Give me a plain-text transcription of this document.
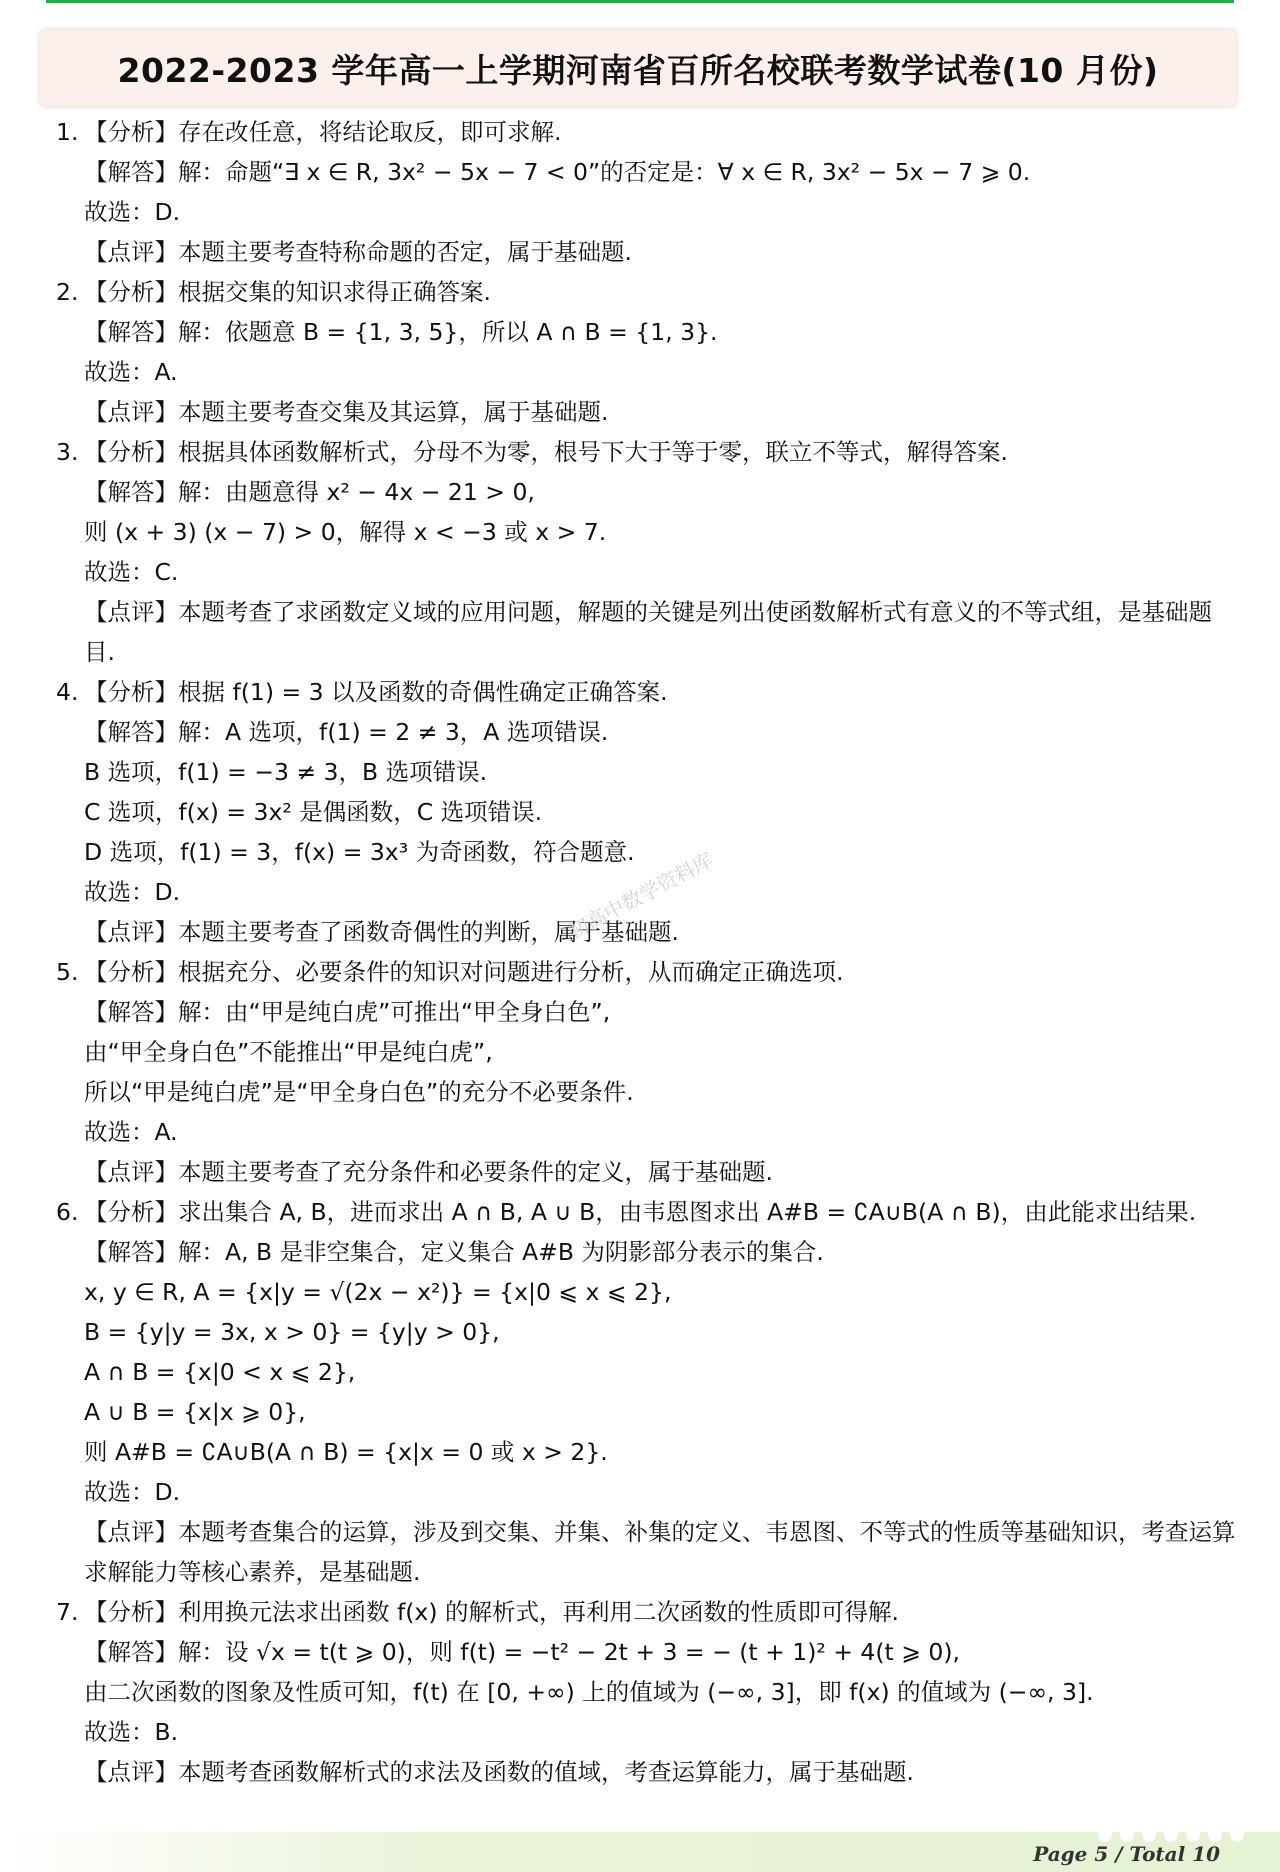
2022-2023 学年高一上学期河南省百所名校联考数学试卷(10 月份)
1. 【分析】存在改任意，将结论取反，即可求解.
【解答】解：命题“∃ x ∈ R, 3x² − 5x − 7 < 0”的否定是：∀ x ∈ R, 3x² − 5x − 7 ⩾ 0.
故选：D.
【点评】本题主要考查特称命题的否定，属于基础题.
2. 【分析】根据交集的知识求得正确答案.
【解答】解：依题意 B = {1, 3, 5}，所以 A ∩ B = {1, 3}.
故选：A.
【点评】本题主要考查交集及其运算，属于基础题.
3. 【分析】根据具体函数解析式，分母不为零，根号下大于等于零，联立不等式，解得答案.
【解答】解：由题意得 x² − 4x − 21 > 0,
则 (x + 3) (x − 7) > 0，解得 x < −3 或 x > 7.
故选：C.
【点评】本题考查了求函数定义域的应用问题，解题的关键是列出使函数解析式有意义的不等式组，是基础题目.
4. 【分析】根据 f(1) = 3 以及函数的奇偶性确定正确答案.
【解答】解：A 选项，f(1) = 2 ≠ 3，A 选项错误.
B 选项，f(1) = −3 ≠ 3，B 选项错误.
C 选项，f(x) = 3x² 是偶函数，C 选项错误.
D 选项，f(1) = 3，f(x) = 3x³ 为奇函数，符合题意.
故选：D.
【点评】本题主要考查了函数奇偶性的判断，属于基础题.
5. 【分析】根据充分、必要条件的知识对问题进行分析，从而确定正确选项.
【解答】解：由“甲是纯白虎”可推出“甲全身白色”,
由“甲全身白色”不能推出“甲是纯白虎”,
所以“甲是纯白虎”是“甲全身白色”的充分不必要条件.
故选：A.
【点评】本题主要考查了充分条件和必要条件的定义，属于基础题.
6. 【分析】求出集合 A, B，进而求出 A ∩ B, A ∪ B，由韦恩图求出 A#B = ∁A∪B(A ∩ B)，由此能求出结果.
【解答】解：A, B 是非空集合，定义集合 A#B 为阴影部分表示的集合.
x, y ∈ R, A = {x|y = √(2x − x²)} = {x|0 ⩽ x ⩽ 2},
B = {y|y = 3x, x > 0} = {y|y > 0},
A ∩ B = {x|0 < x ⩽ 2},
A ∪ B = {x|x ⩾ 0},
则 A#B = ∁A∪B(A ∩ B) = {x|x = 0 或 x > 2}.
故选：D.
【点评】本题考查集合的运算，涉及到交集、并集、补集的定义、韦恩图、不等式的性质等基础知识，考查运算求解能力等核心素养，是基础题.
7. 【分析】利用换元法求出函数 f(x) 的解析式，再利用二次函数的性质即可得解.
【解答】解：设 √x = t(t ⩾ 0)，则 f(t) = −t² − 2t + 3 = − (t + 1)² + 4(t ⩾ 0),
由二次函数的图象及性质可知，f(t) 在 [0, +∞) 上的值域为 (−∞, 3]，即 f(x) 的值域为 (−∞, 3].
故选：B.
【点评】本题考查函数解析式的求法及函数的值域，考查运算能力，属于基础题.
初高中数学资料库
Page 5 / Total 10
